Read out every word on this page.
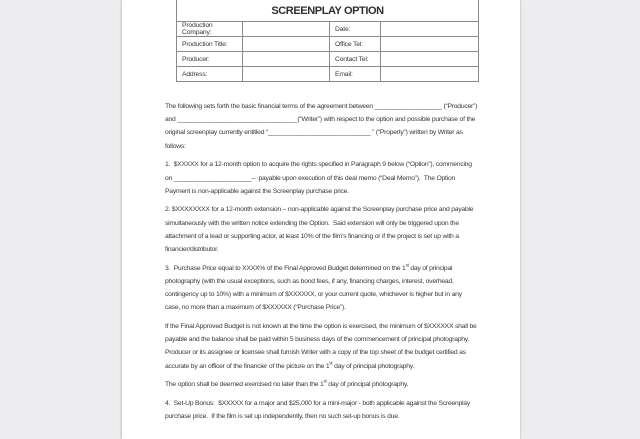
SCREENPLAY OPTION			
Production Company:		Date:	
Production Title:		Office Tel:	
Producer:		Contact Tel:	
Address:		Email:	

The following sets forth the basic financial terms of the agreement between ___________________ (“Producer”) and __________________________________(“Writer”) with respect to the option and possible purchase of the original screenplay currently entitled “_____________________________ ” (“Property”) written by Writer as follows:

1.  $XXXXX for a 12-month option to acquire the rights specified in Paragraph 9 below (“Option”), commencing on ______________________–  payable upon execution of this deal memo (“Deal Memo”).  The Option Payment is non-applicable against the Screenplay purchase price.

2. $XXXXXXXX for a 12-month extension – non-applicable against the Screenplay purchase price and payable simultaneously with the written notice extending the Option.  Said extension will only be triggered upon the attachment of a lead or supporting actor, at least 10% of the film’s financing or if the project is set up with a financier/distributor.

3.  Purchase Price equal to XXXX% of the Final Approved Budget determined on the 1st day of principal photography (with the usual exceptions, such as bond fees, if any, financing charges, interest, overhead, contingency up to 10%) with a minimum of $XXXXXX, or your current quote, whichever is higher but in any case, no more than a maximum of $XXXXXX (“Purchase Price”).

If the Final Approved Budget is not known at the time the option is exercised, the minimum of $XXXXXX shall be payable and the balance shall be paid within 5 business days of the commencement of principal photography.  Producer or its assignee or licensee shall furnish Writer with a copy of the top sheet of the budget certified as accurate by an officer of the financier of the picture on the 1st day of principal photography.

The option shall be deemed exercised no later than the 1st day of principal photography.

4.  Set-Up Bonus:  $XXXXX for a major and $25,000 for a mini-major - both applicable against the Screenplay purchase price.  If the film is set up independently, then no such set-up bonus is due.
